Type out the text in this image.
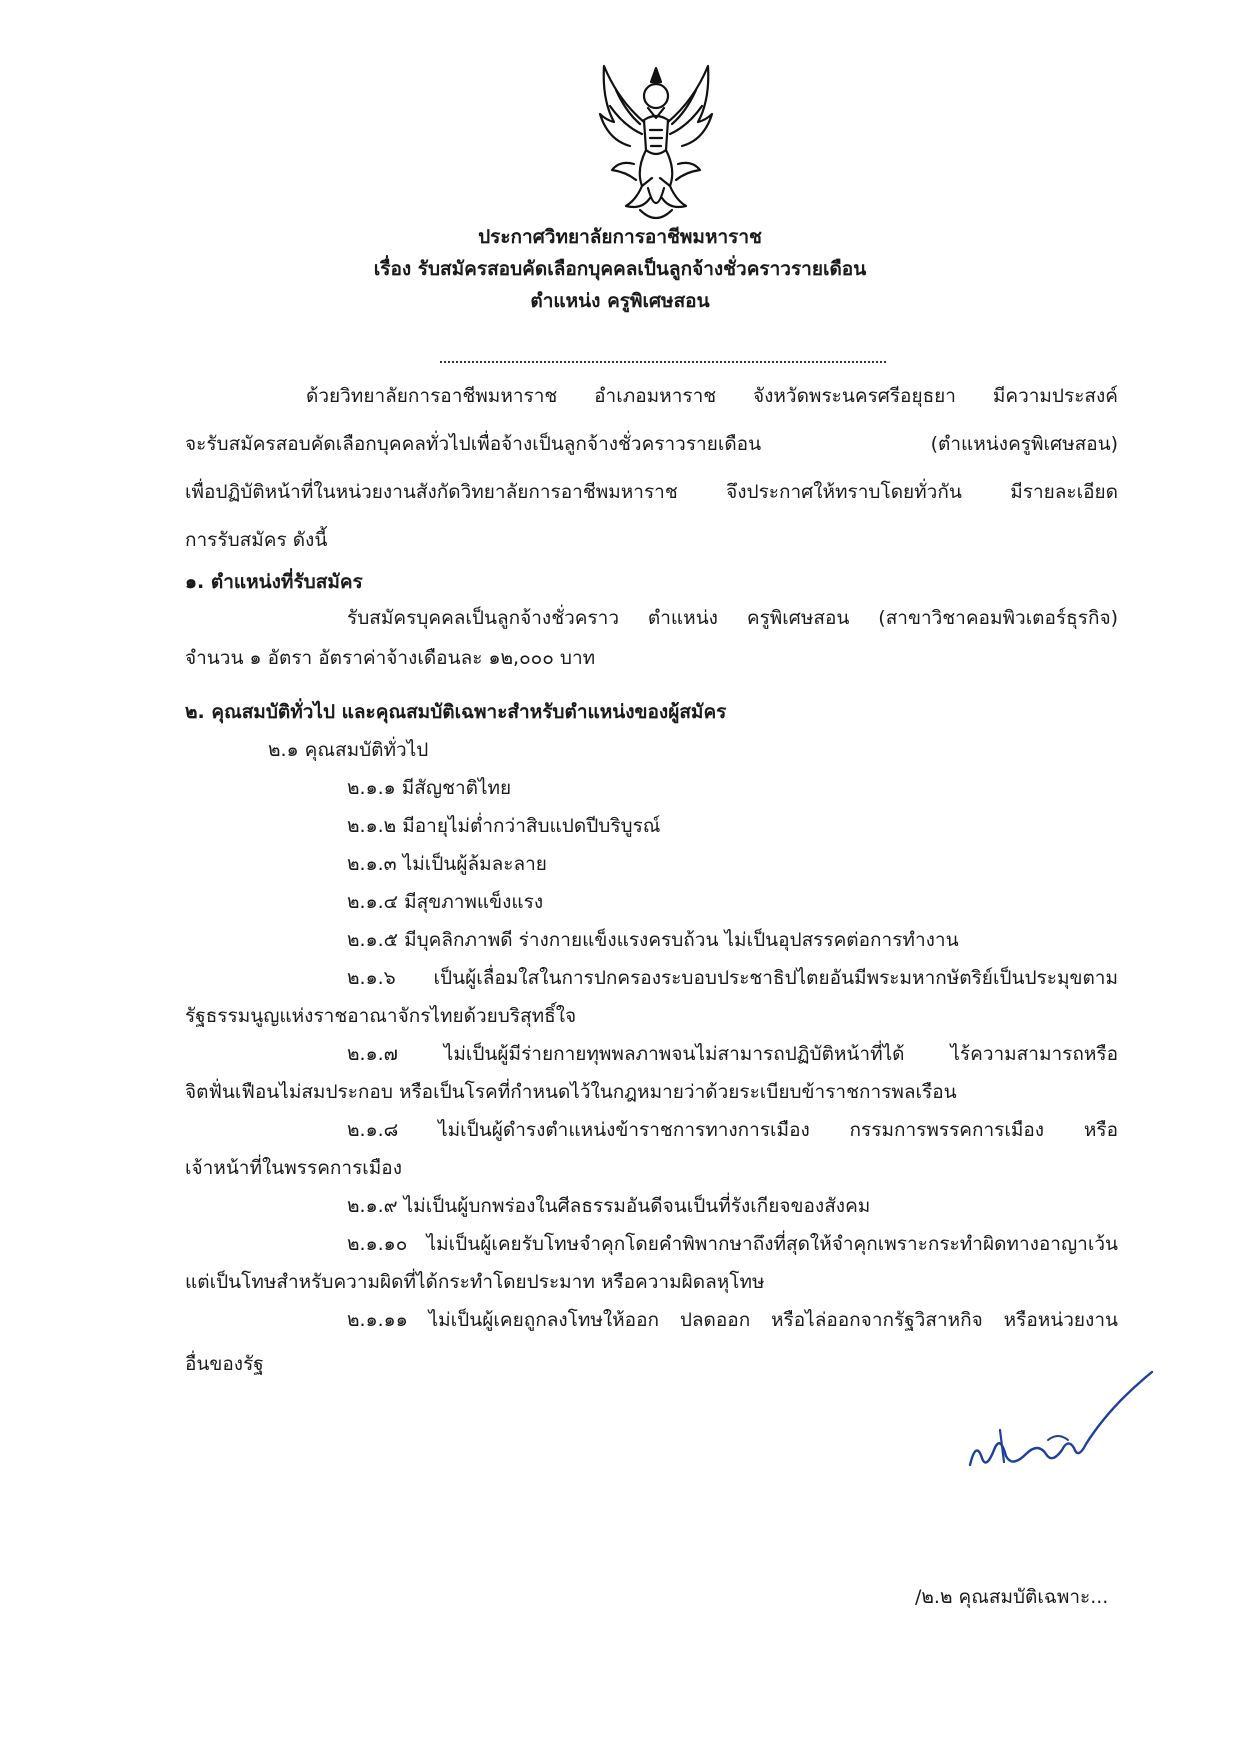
ประกาศวิทยาลัยการอาชีพมหาราช
เรื่อง รับสมัครสอบคัดเลือกบุคคลเป็นลูกจ้างชั่วคราวรายเดือน
ตำแหน่ง ครูพิเศษสอน
ด้วยวิทยาลัยการอาชีพมหาราช อำเภอมหาราช จังหวัดพระนครศรีอยุธยา มีความประสงค์
จะรับสมัครสอบคัดเลือกบุคคลทั่วไปเพื่อจ้างเป็นลูกจ้างชั่วคราวรายเดือน (ตำแหน่งครูพิเศษสอน)
เพื่อปฏิบัติหน้าที่ในหน่วยงานสังกัดวิทยาลัยการอาชีพมหาราช จึงประกาศให้ทราบโดยทั่วกัน มีรายละเอียด
การรับสมัคร ดังนี้
๑. ตำแหน่งที่รับสมัคร
รับสมัครบุคคลเป็นลูกจ้างชั่วคราว ตำแหน่ง ครูพิเศษสอน (สาขาวิชาคอมพิวเตอร์ธุรกิจ)
จำนวน ๑ อัตรา อัตราค่าจ้างเดือนละ ๑๒,๐๐๐ บาท
๒. คุณสมบัติทั่วไป และคุณสมบัติเฉพาะสำหรับตำแหน่งของผู้สมัคร
๒.๑ คุณสมบัติทั่วไป
๒.๑.๑ มีสัญชาติไทย
๒.๑.๒ มีอายุไม่ต่ำกว่าสิบแปดปีบริบูรณ์
๒.๑.๓ ไม่เป็นผู้ล้มละลาย
๒.๑.๔ มีสุขภาพแข็งแรง
๒.๑.๕ มีบุคลิกภาพดี ร่างกายแข็งแรงครบถ้วน ไม่เป็นอุปสรรคต่อการทำงาน
๒.๑.๖ เป็นผู้เลื่อมใสในการปกครองระบอบประชาธิปไตยอันมีพระมหากษัตริย์เป็นประมุขตาม
รัฐธรรมนูญแห่งราชอาณาจักรไทยด้วยบริสุทธิ์ใจ
๒.๑.๗ ไม่เป็นผู้มีร่ายกายทุพพลภาพจนไม่สามารถปฏิบัติหน้าที่ได้ ไร้ความสามารถหรือ
จิตฟั่นเฟือนไม่สมประกอบ หรือเป็นโรคที่กำหนดไว้ในกฎหมายว่าด้วยระเบียบข้าราชการพลเรือน
๒.๑.๘ ไม่เป็นผู้ดำรงตำแหน่งข้าราชการทางการเมือง กรรมการพรรคการเมือง หรือ
เจ้าหน้าที่ในพรรคการเมือง
๒.๑.๙ ไม่เป็นผู้บกพร่องในศีลธรรมอันดีจนเป็นที่รังเกียจของสังคม
๒.๑.๑๐ ไม่เป็นผู้เคยรับโทษจำคุกโดยคำพิพากษาถึงที่สุดให้จำคุกเพราะกระทำผิดทางอาญาเว้น
แต่เป็นโทษสำหรับความผิดที่ได้กระทำโดยประมาท หรือความผิดลหุโทษ
๒.๑.๑๑ ไม่เป็นผู้เคยถูกลงโทษให้ออก ปลดออก หรือไล่ออกจากรัฐวิสาหกิจ หรือหน่วยงาน
อื่นของรัฐ
/๒.๒ คุณสมบัติเฉพาะ...
